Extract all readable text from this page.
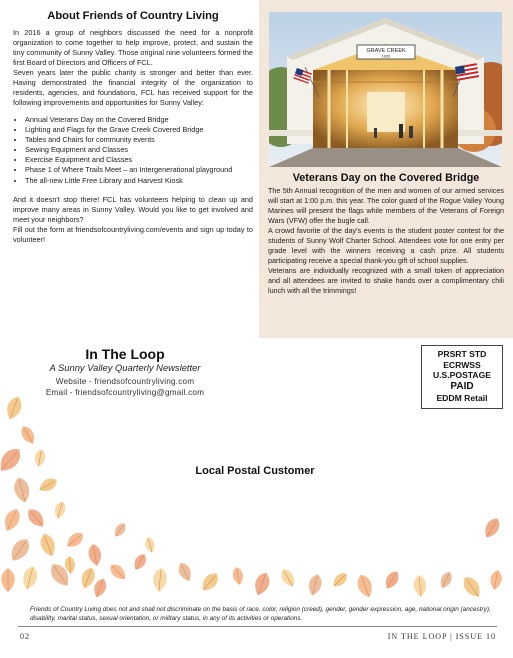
About Friends of Country Living

In 2016 a group of neighbors discussed the need for a nonprofit organization to come together to help improve, protect, and sustain the tiny community of Sunny Valley. Those original nine volunteers formed the first Board of Directors and Officers of FCL.

Seven years later the public charity is stronger and better than ever. Having demonstrated the financial integrity of the organization to residents, agencies, and foundations, FCL has received support for the following improvements and opportunities for Sunny Valley:

• Annual Veterans Day on the Covered Bridge
• Lighting and Flags for the Grave Creek Covered Bridge
• Tables and Chairs for community events
• Sewing Equipment and Classes
• Exercise Equipment and Classes
• Phase 1 of Where Trails Meet – an Intergenerational playground
• The all-new Little Free Library and Harvest Kiosk

And it doesn't stop there! FCL has volunteers helping to clean up and improve many areas in Sunny Valley. Would you like to get involved and meet your neighbors?

Fill out the form at friendsofcountryliving.com/events and sign up today to volunteer!

GRAVE CREEK
1920
Veterans Day on the Covered Bridge

The 5th Annual recognition of the men and women of our armed services will start at 1:00 p.m. this year. The color guard of the Rogue Valley Young Marines will present the flags while members of the Veterans of Foreign Wars (VFW) offer the bugle call.

A crowd favorite of the day's events is the student poster contest for the students of Sunny Wolf Charter School. Attendees vote for one entry per grade level with the winners receiving a cash prize. All students participating receive a special thank-you gift of school supplies.

Veterans are individually recognized with a small token of appreciation and all attendees are invited to shake hands over a complimentary chili lunch with all the trimmings!

In The Loop
A Sunny Valley Quarterly Newsletter
Website - friendsofcountryliving.com
Email - friendsofcountryliving@gmail.com
PRSRT STD
ECRWSS
U.S.POSTAGE
PAID
EDDM Retail
Local Postal Customer

Friends of Country Living does not and shall not discriminate on the basis of race, color, religion (creed), gender, gender expression, age, national origin (ancestry), disability, marital status, sexual orientation, or military status, in any of its activities or operations.

02	IN THE LOOP | ISSUE 10
